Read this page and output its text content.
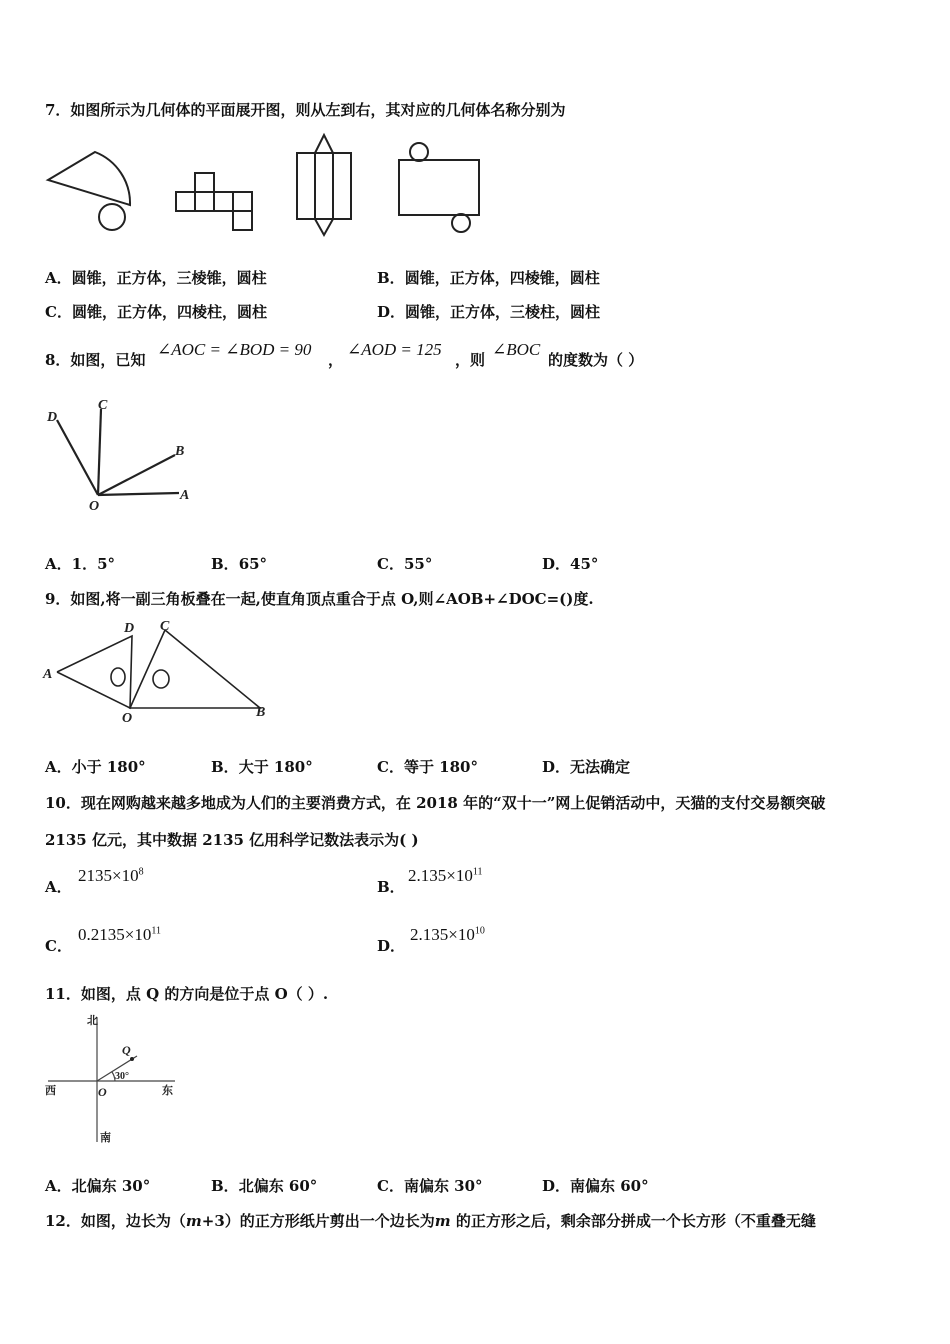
7．如图所示为几何体的平面展开图，则从左到右，其对应的几何体名称分别为
A．圆锥，正方体，三棱锥，圆柱	B．圆锥，正方体，四棱锥，圆柱
C．圆锥，正方体，四棱柱，圆柱	D．圆锥，正方体，三棱柱，圆柱
8．如图，已知
∠AOC = ∠BOD = 90
，
∠AOD = 125
，则
∠BOC
的度数为（ ）
D
C
B
O
A
A．1．5°	B．65°	C．55°	D．45°
9．如图,将一副三角板叠在一起,使直角顶点重合于点 O,则∠AOB+∠DOC=()度.
D C
A
O	B
A．小于 180°	B．大于 180°	C．等于 180°	D．无法确定
10．现在网购越来越多地成为人们的主要消费方式，在 2018 年的“双十一”网上促销活动中，天猫的支付交易额突破
2135 亿元，其中数据 2135 亿用科学记数法表示为( )
A．
$2135\times 10^8$
B．
$2.135\times 10^{11}$
C．
$0.2135\times 10^{11}$
D．
$2.135\times 10^{10}$
11．如图，点 Q 的方向是位于点 O（ ）.
北
南
西	东
O
Q
30°
A．北偏东 30°	B．北偏东 60°	C．南偏东 30°	D．南偏东 60°
12．如图，边长为（m+3）的正方形纸片剪出一个边长为m 的正方形之后，剩余部分拼成一个长方形（不重叠无缝
